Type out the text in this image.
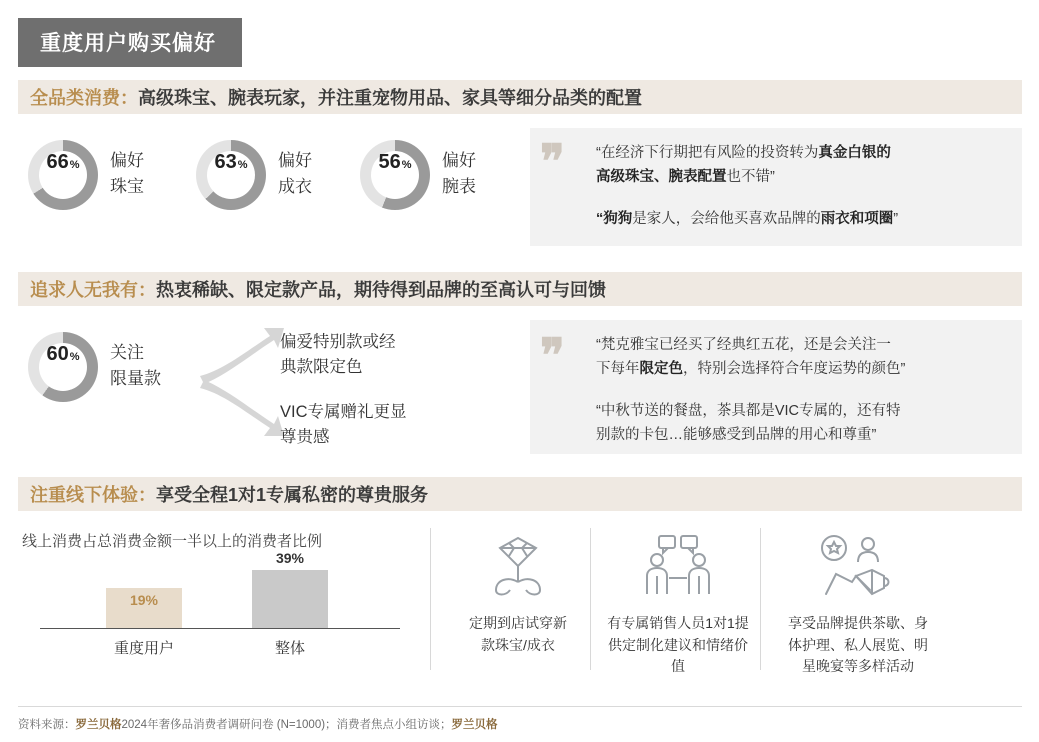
重度用户购买偏好
全品类消费： 高级珠宝、腕表玩家，并注重宠物用品、家具等细分品类的配置
66 % 偏好
珠宝
63 % 偏好
成衣
56 % 偏好
腕表 ❞ “在经济下行期把有风险的投资转为真金白银的
高级珠宝、腕表配置也不错”
“狗狗是家人，会给他买喜欢品牌的雨衣和项圈”
追求人无我有： 热衷稀缺、限定款产品，期待得到品牌的至高认可与回馈
60 % 关注
限量款
偏爱特别款或经
典款限定色
VIC专属赠礼更显
尊贵感
❞ “梵克雅宝已经买了经典红五花，还是会关注一
下每年限定色，特别会选择符合年度运势的颜色”
“中秋节送的餐盘，茶具都是VIC专属的，还有特
别款的卡包…能够感受到品牌的用心和尊重”
注重线下体验： 享受全程1对1专属私密的尊贵服务
线上消费占总消费金额一半以上的消费者比例
19%
39%
重度用户	整体
定期到店试穿新
款珠宝/成衣
有专属销售人员1对1提
供定制化建议和情绪价
值
享受品牌提供茶歇、身
体护理、私人展览、明
星晚宴等多样活动
资料来源：罗兰贝格2024年奢侈品消费者调研问卷 (N=1000)；消费者焦点小组访谈；罗兰贝格
